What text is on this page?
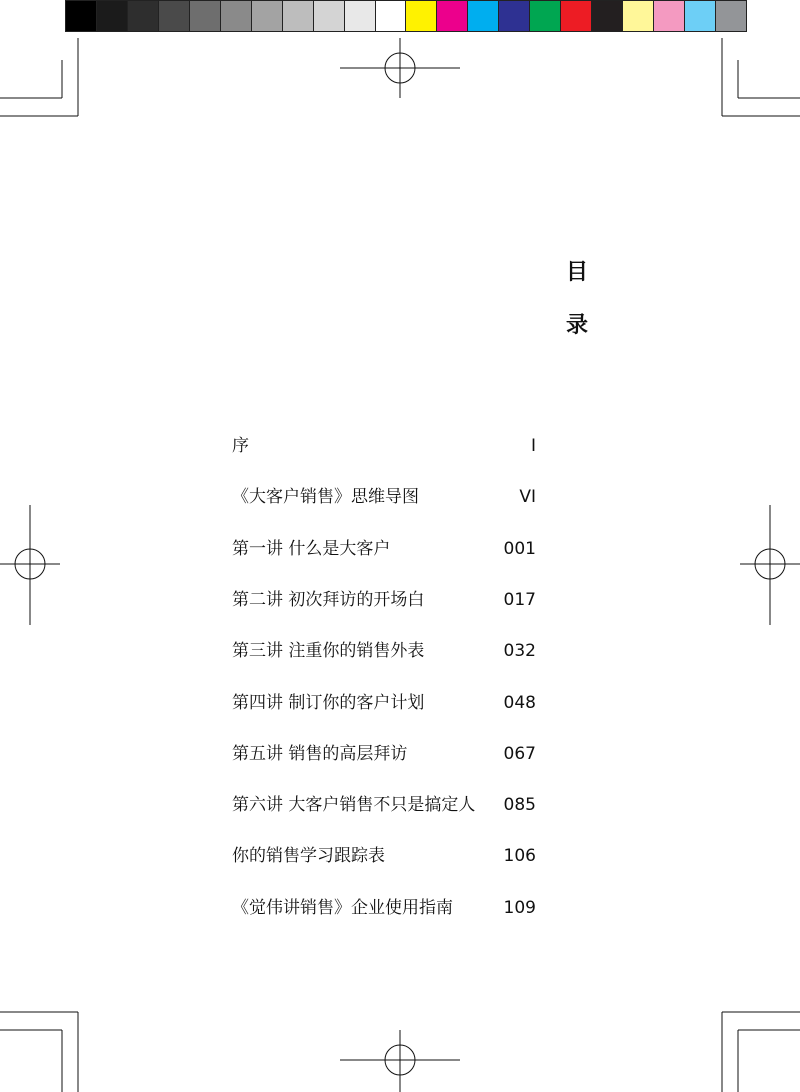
目
录
序	I
《大客户销售》思维导图	VI
第一讲 什么是大客户	001
第二讲 初次拜访的开场白	017
第三讲 注重你的销售外表	032
第四讲 制订你的客户计划	048
第五讲 销售的高层拜访	067
第六讲 大客户销售不只是搞定人 085
你的销售学习跟踪表	106
《觉伟讲销售》企业使用指南	109
